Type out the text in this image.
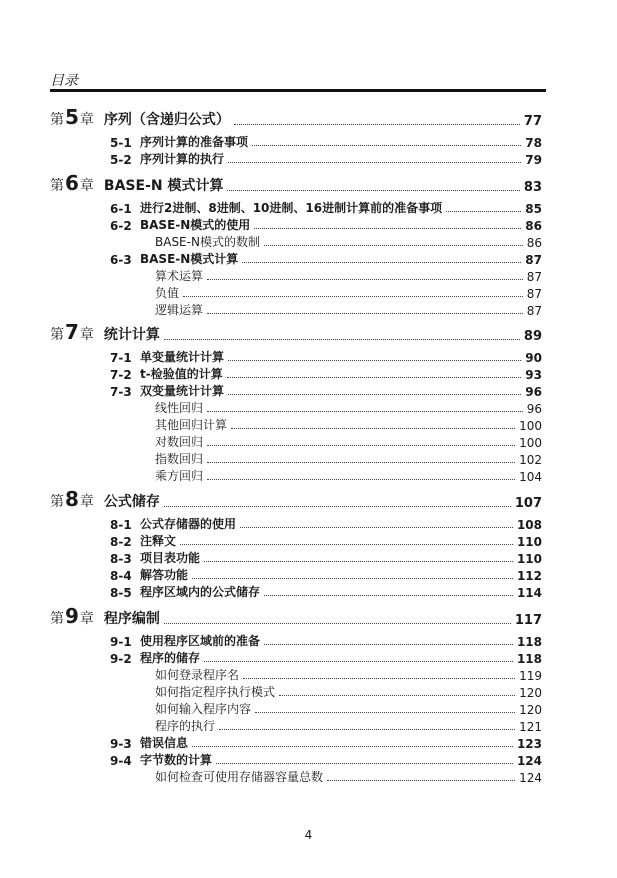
目录
第5章 序列（含递归公式）	77
5-1 序列计算的准备事项	78
5-2 序列计算的执行	79
第6章 BASE-N 模式计算	83
6-1 进行2进制、8进制、10进制、16进制计算前的准备事项	85
6-2 BASE-N模式的使用	86
BASE-N模式的数制	86
6-3 BASE-N模式计算	87
算术运算	87
负值	87
逻辑运算	87
第7章 统计计算	89
7-1 单变量统计计算	90
7-2 t-检验值的计算	93
7-3 双变量统计计算	96
线性回归	96
其他回归计算	100
对数回归	100
指数回归	102
乘方回归	104
第8章 公式储存	107
8-1 公式存储器的使用	108
8-2 注释文	110
8-3 项目表功能	110
8-4 解答功能	112
8-5 程序区域内的公式储存	114
第9章 程序编制	117
9-1 使用程序区域前的准备	118
9-2 程序的储存	118
如何登录程序名	119
如何指定程序执行模式	120
如何输入程序内容	120
程序的执行	121
9-3 错误信息	123
9-4 字节数的计算	124
如何检查可使用存储器容量总数	124
4
